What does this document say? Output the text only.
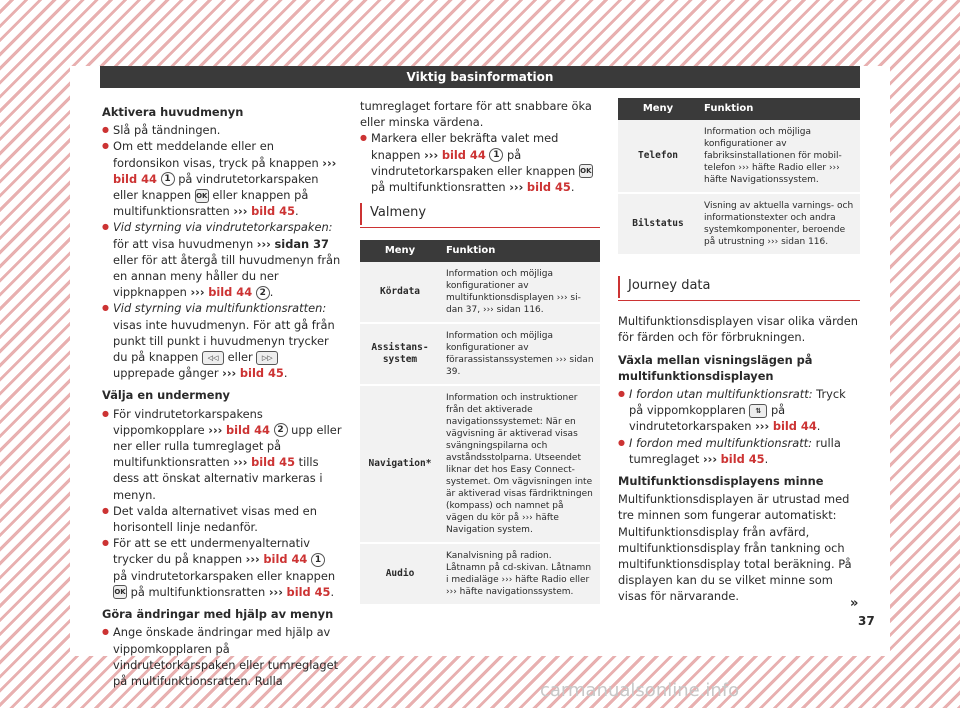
Viktig basinformation
Aktivera huvudmenyn

● Slå på tändningen.

● Om ett meddelande eller en fordonsikon visas, tryck på knappen ››› bild 44 1 på vindrutetorkarspaken eller knappen OK eller knappen på multifunktionsratten ››› bild 45.

● Vid styrning via vindrutetorkarspaken: för att visa huvudmenyn ››› sidan 37 eller för att återgå till huvudmenyn från en annan meny håller du ner vippknappen ››› bild 44 2 .

● Vid styrning via multifunktionsratten: visas inte huvudmenyn. För att gå från punkt till punkt i huvudmenyn trycker du på knappen ◁◁ eller ▷▷ upprepade gånger ››› bild 45.

Välja en undermeny

● För vindrutetorkarspakens vippomkopplare ››› bild 44 2 upp eller ner eller rulla tumreglaget på multifunktionsratten ››› bild 45 tills dess att önskat alternativ markeras i menyn.

● Det valda alternativet visas med en horisontell linje nedanför.

● För att se ett undermenyalternativ trycker du på knappen ››› bild 44 1 på vindrutetorkarspaken eller knappen OK på multifunktionsratten ››› bild 45.

Göra ändringar med hjälp av menyn

● Ange önskade ändringar med hjälp av vippomkopplaren på vindrutetorkarspaken eller tumreglaget på multifunktionsratten. Rulla

tumreglaget fortare för att snabbare öka eller minska värdena.

● Markera eller bekräfta valet med knappen ››› bild 44 1 på vindrutetorkarspaken eller knappen OK på multifunktionsratten ››› bild 45.

Valmeny
Meny	Funktion
Kördata	Information och möjliga konfigurationer av multifunktionsdisplayen ››› sidan 37, ››› sidan 116.
Assistanssystem	Information och möjliga konfigurationer av förarassistanssystemen ››› sidan 39.
Navigation*	Information och instruktioner från det aktiverade navigationssystemet: När en vägvisning är aktiverad visas svängningspilarna och avståndsstolparna. Utseendet liknar det hos Easy Connect-systemet. Om vägvisningen inte är aktiverad visas färdriktningen (kompass) och namnet på vägen du kör på ››› häfte Navigation system.
Audio	Kanalvisning på radion. Låtnamn på cd-skivan. Låtnamn i medialäge ››› häfte Radio eller ››› häfte navigationssystem.
Meny	Funktion
Telefon	Information och möjliga konfigurationer av fabriksinstallationen för mobiltelefon ››› häfte Radio eller ››› häfte Navigationssystem.
Bilstatus	Visning av aktuella varnings- och informationstexter och andra systemkomponenter, beroende på utrustning ››› sidan 116.
Journey data

Multifunktionsdisplayen visar olika värden för färden och för förbrukningen.

Växla mellan visningslägen på multifunktionsdisplayen

● I fordon utan multifunktionsratt: Tryck på vippomkopplaren ⇅ på vindrutetorkarspaken ››› bild 44.

● I fordon med multifunktionsratt: rulla tumreglaget ››› bild 45.

Multifunktionsdisplayens minne

Multifunktionsdisplayen är utrustad med tre minnen som fungerar automatiskt: Multifunktionsdisplay från avfärd, multifunktionsdisplay från tankning och multifunktionsdisplay total beräkning. På displayen kan du se vilket minne som visas för närvarande.	»
37
carmanualsonline.info
